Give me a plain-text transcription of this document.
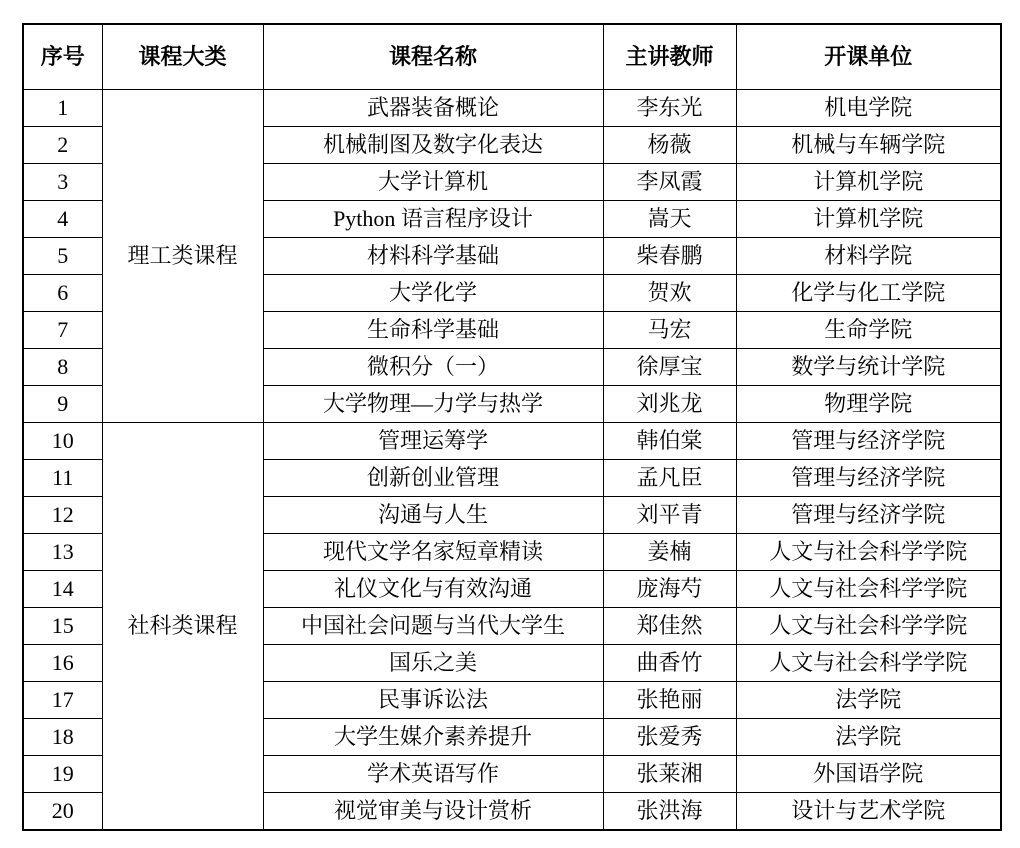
序号	课程大类	课程名称	主讲教师	开课单位
1	理工类课程	武器装备概论	李东光	机电学院
2		机械制图及数字化表达	杨薇	机械与车辆学院
3		大学计算机	李凤霞	计算机学院
4		Python 语言程序设计	嵩天	计算机学院
5		材料科学基础	柴春鹏	材料学院
6		大学化学	贺欢	化学与化工学院
7		生命科学基础	马宏	生命学院
8		微积分（一）	徐厚宝	数学与统计学院
9		大学物理—力学与热学	刘兆龙	物理学院
10	社科类课程	管理运筹学	韩伯棠	管理与经济学院
11		创新创业管理	孟凡臣	管理与经济学院
12		沟通与人生	刘平青	管理与经济学院
13		现代文学名家短章精读	姜楠	人文与社会科学学院
14		礼仪文化与有效沟通	庞海芍	人文与社会科学学院
15		中国社会问题与当代大学生	郑佳然	人文与社会科学学院
16		国乐之美	曲香竹	人文与社会科学学院
17		民事诉讼法	张艳丽	法学院
18		大学生媒介素养提升	张爱秀	法学院
19		学术英语写作	张莱湘	外国语学院
20		视觉审美与设计赏析	张洪海	设计与艺术学院
